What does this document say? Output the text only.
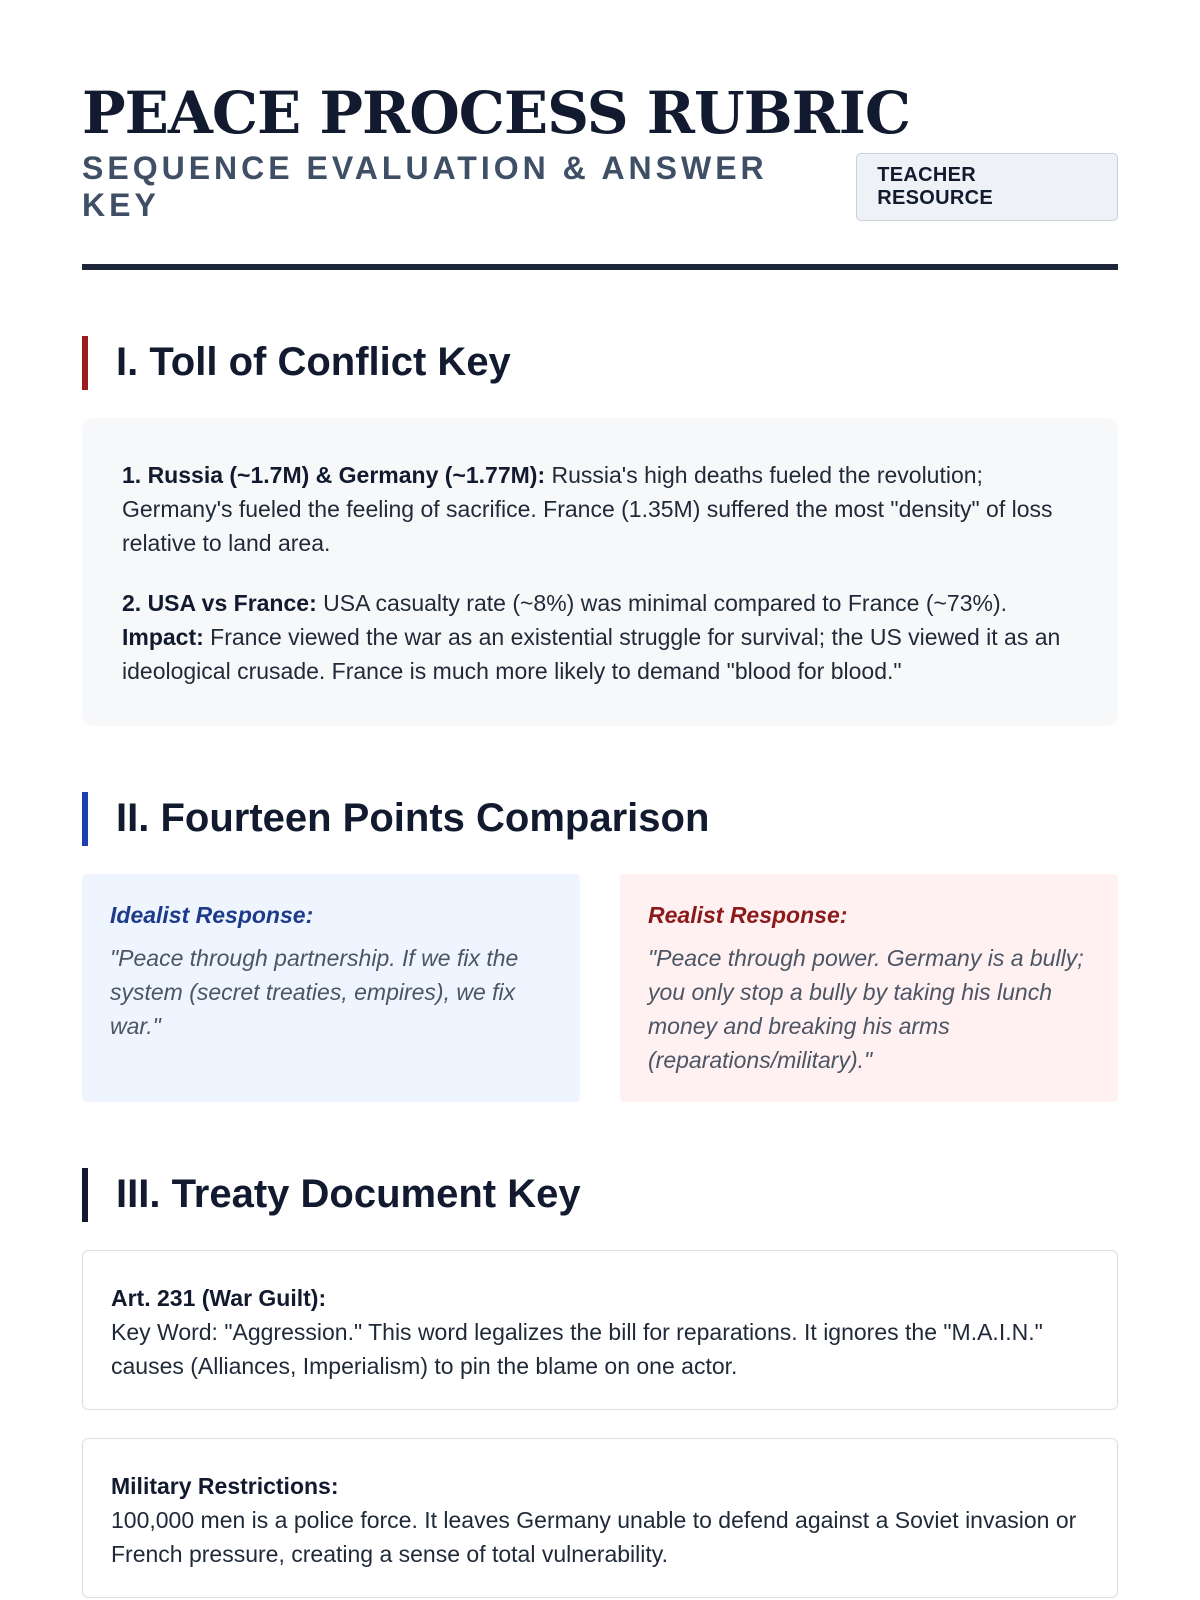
PEACE PROCESS RUBRIC
SEQUENCE EVALUATION & ANSWER KEY
TEACHER RESOURCE
I. Toll of Conflict Key

1. Russia (~1.7M) & Germany (~1.77M): Russia's high deaths fueled the revolution; Germany's fueled the feeling of sacrifice. France (1.35M) suffered the most "density" of loss relative to land area.

2. USA vs France: USA casualty rate (~8%) was minimal compared to France (~73%).
Impact: France viewed the war as an existential struggle for survival; the US viewed it as an ideological crusade. France is much more likely to demand "blood for blood."

II. Fourteen Points Comparison
Idealist Response:
"Peace through partnership. If we fix the system (secret treaties, empires), we fix war."
Realist Response:
"Peace through power. Germany is a bully; you only stop a bully by taking his lunch money and breaking his arms (reparations/military)."
III. Treaty Document Key
Art. 231 (War Guilt):
Key Word: "Aggression." This word legalizes the bill for reparations. It ignores the "M.A.I.N." causes (Alliances, Imperialism) to pin the blame on one actor.
Military Restrictions:
100,000 men is a police force. It leaves Germany unable to defend against a Soviet invasion or French pressure, creating a sense of total vulnerability.
